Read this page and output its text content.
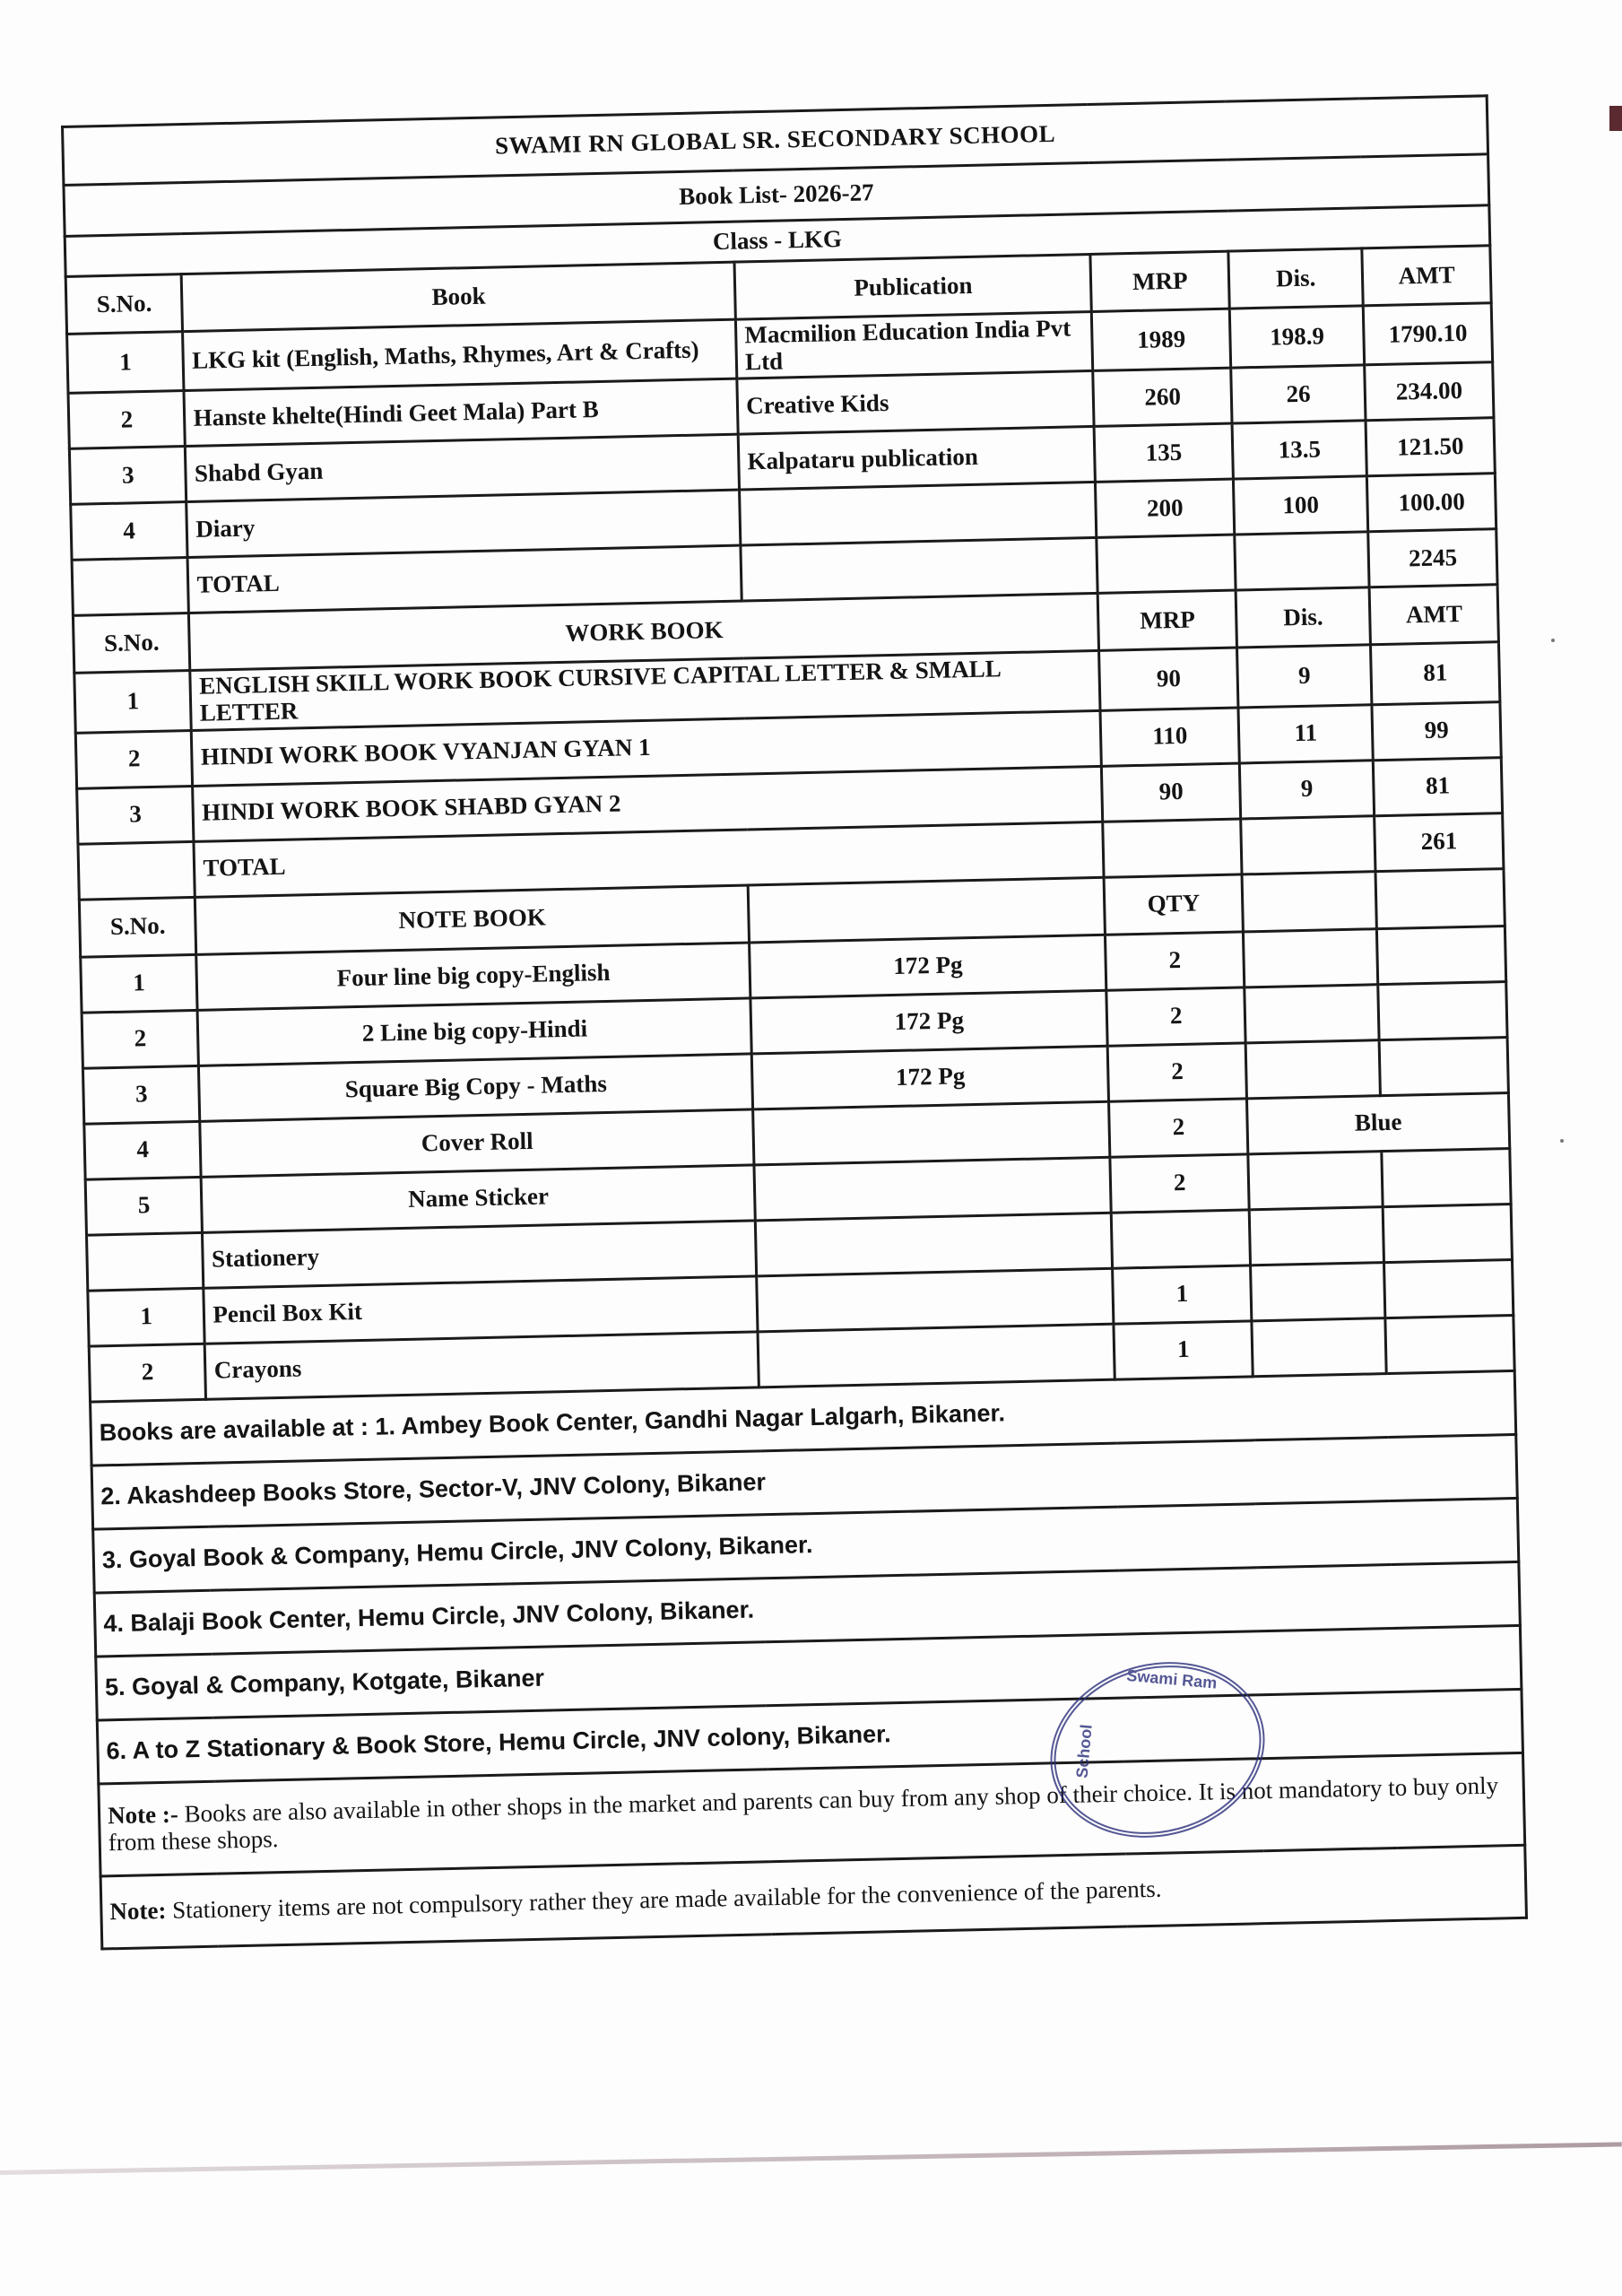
SWAMI RN GLOBAL SR. SECONDARY SCHOOL					
Book List- 2026-27					
Class - LKG					
S.No.	Book	Publication	MRP	Dis.	AMT
1	LKG kit (English, Maths, Rhymes, Art & Crafts)	Macmilion Education India Pvt Ltd	1989	198.9	1790.10
2	Hanste khelte(Hindi Geet Mala) Part B	Creative Kids	260	26	234.00
3	Shabd Gyan	Kalpataru publication	135	13.5	121.50
4	Diary		200	100	100.00
	TOTAL				2245
S.No.	WORK BOOK		MRP	Dis.	AMT
1	ENGLISH SKILL WORK BOOK CURSIVE CAPITAL LETTER & SMALL LETTER		90	9	81
2	HINDI WORK BOOK VYANJAN GYAN 1		110	11	99
3	HINDI WORK BOOK SHABD GYAN 2		90	9	81
	TOTAL				261
S.No.	NOTE BOOK		QTY		
1	Four line big copy-English	172 Pg	2		
2	2 Line big copy-Hindi	172 Pg	2		
3	Square Big Copy - Maths	172 Pg	2		
4	Cover Roll		2	Blue	
5	Name Sticker		2		
	Stationery				
1	Pencil Box Kit		1		
2	Crayons		1		
Books are available at : 1. Ambey Book Center, Gandhi Nagar Lalgarh, Bikaner.					
2. Akashdeep Books Store, Sector-V, JNV Colony, Bikaner					
3. Goyal Book & Company, Hemu Circle, JNV Colony, Bikaner.					
4. Balaji Book Center, Hemu Circle, JNV Colony, Bikaner.					
5. Goyal & Company, Kotgate, Bikaner					
6. A to Z Stationary & Book Store, Hemu Circle, JNV colony, Bikaner.					
Note :- Books are also available in other shops in the market and parents can buy from any shop of their choice. It is not mandatory to buy only from these shops.					
Note: Stationery items are not compulsory rather they are made available for the convenience of the parents.					
Swami Ram
School
